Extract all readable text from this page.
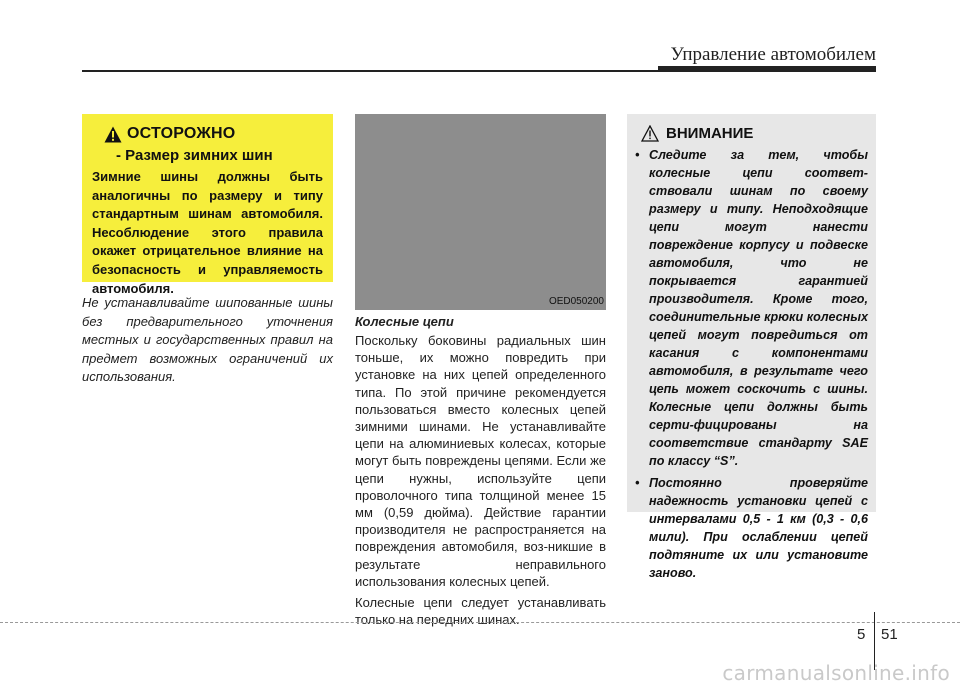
Управление автомобилем
ОСТОРОЖНО
- Размер зимних шин
Зимние шины должны быть аналогичны по размеру и типу стандартным шинам автомобиля. Несоблюдение этого правила окажет отрицательное влияние на безопасность и управляемость автомобиля.
Не устанавливайте шипованные шины без предварительного уточнения местных и государственных правил на предмет возможных ограничений их использования.
OED050200
Колесные цепи

Поскольку боковины радиальных шин тоньше, их можно повредить при установке на них цепей определенного типа. По этой причине рекомендуется пользоваться вместо колесных цепей зимними шинами. Не устанавливайте цепи на алюминиевых колесах, которые могут быть повреждены цепями. Если же цепи нужны, используйте цепи проволочного типа толщиной менее 15 мм (0,59 дюйма). Действие гарантии производителя не распространяется на повреждения автомобиля, воз-никшие в результате неправильного использования колесных цепей.

Колесные цепи следует устанавливать только на передних шинах.

ВНИМАНИЕ
• Следите за тем, чтобы колесные цепи соответ-ствовали шинам по своему размеру и типу. Неподходящие цепи могут нанести повреждение корпусу и подвеске автомобиля, что не покрывается гарантией производителя. Кроме того, соединительные крюки колесных цепей могут повредиться от касания с компонентами автомобиля, в результате чего цепь может соскочить с шины. Колесные цепи должны быть серти-фицированы на соответствие стандарту SAE по классу “S”.
• Постоянно проверяйте надежность установки цепей с интервалами 0,5 - 1 км (0,3 - 0,6 мили). При ослаблении цепей подтяните их или установите заново.
5 51
carmanualsonline.info
